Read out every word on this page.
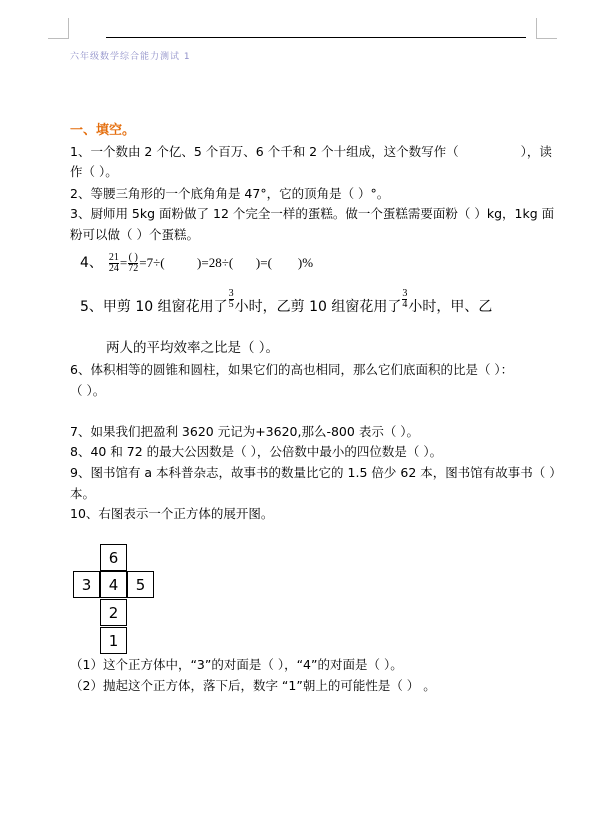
六年级数学综合能力测试 1
一、填空。
1、一个数由 2 个亿、5 个百万、6 个千和 2 个十组成，这个数写作（	），读
作（ ）。
2、等腰三角形的一个底角角是 47°，它的顶角是（ ）°。
3、厨师用 5kg 面粉做了 12 个完全一样的蛋糕。做一个蛋糕需要面粉（ ）kg，1kg 面
粉可以做（ ）个蛋糕。
4、 $\frac{21}{24} = \frac{( )}{72} =7\div$(          )=28÷(       )=(        )%
5、甲剪 10 组窗花用了 $\frac{3}{5}$ 小时，乙剪 10 组窗花用了 $\frac{3}{4}$ 小时，甲、乙
两人的平均效率之比是（ ）。
6、体积相等的圆锥和圆柱，如果它们的高也相同，那么它们底面积的比是（ ）：
（ ）。
7、如果我们把盈利 3620 元记为+3620,那么-800 表示（ ）。
8、40 和 72 的最大公因数是（ ），公倍数中最小的四位数是（ ）。
9、图书馆有 a 本科普杂志，故事书的数量比它的 1.5 倍少 62 本，图书馆有故事书（ ）
本。
10、右图表示一个正方体的展开图。
6
3	4	5
2
1
（1）这个正方体中，“3”的对面是（ ），“4”的对面是（ ）。
（2）抛起这个正方体，落下后，数字 “1”朝上的可能性是（ ） 。
